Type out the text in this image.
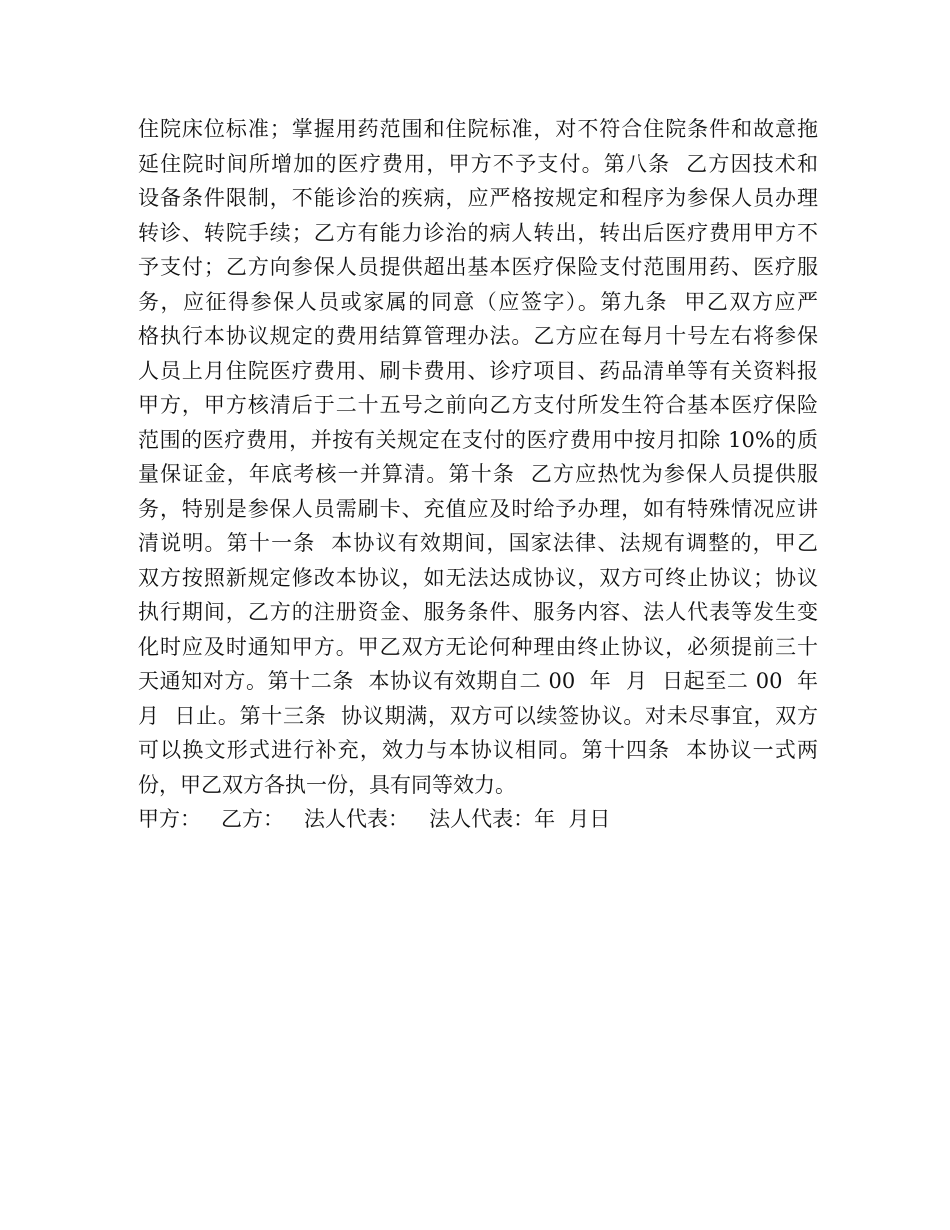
住院床位标准；掌握用药范围和住院标准，对不符合住院条件和故意拖
延住院时间所增加的医疗费用，甲方不予支付。第八条  乙方因技术和
设备条件限制，不能诊治的疾病，应严格按规定和程序为参保人员办理
转诊、转院手续；乙方有能力诊治的病人转出，转出后医疗费用甲方不
予支付；乙方向参保人员提供超出基本医疗保险支付范围用药、医疗服
务，应征得参保人员或家属的同意（应签字）。第九条  甲乙双方应严
格执行本协议规定的费用结算管理办法。乙方应在每月十号左右将参保
人员上月住院医疗费用、刷卡费用、诊疗项目、药品清单等有关资料报
甲方，甲方核清后于二十五号之前向乙方支付所发生符合基本医疗保险
范围的医疗费用，并按有关规定在支付的医疗费用中按月扣除 10%的质
量保证金，年底考核一并算清。第十条  乙方应热忱为参保人员提供服
务，特别是参保人员需刷卡、充值应及时给予办理，如有特殊情况应讲
清说明。第十一条  本协议有效期间，国家法律、法规有调整的，甲乙
双方按照新规定修改本协议，如无法达成协议，双方可终止协议；协议
执行期间，乙方的注册资金、服务条件、服务内容、法人代表等发生变
化时应及时通知甲方。甲乙双方无论何种理由终止协议，必须提前三十
天通知对方。第十二条  本协议有效期自二 00  年  月  日起至二 00  年
月  日止。第十三条  协议期满，双方可以续签协议。对未尽事宜，双方
可以换文形式进行补充，效力与本协议相同。第十四条  本协议一式两
份，甲乙双方各执一份，具有同等效力。
甲方：   乙方：   法人代表：   法人代表：年  月日
